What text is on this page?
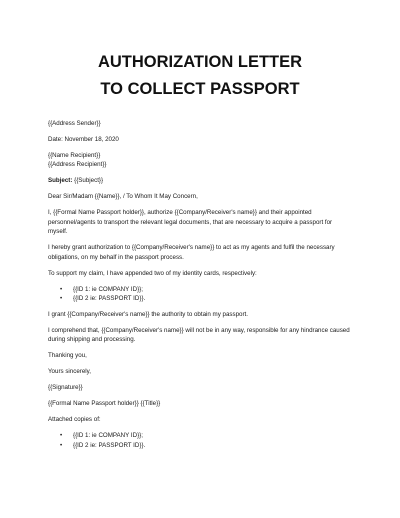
AUTHORIZATION LETTER
TO COLLECT PASSPORT

{{Address Sender}}

Date: November 18, 2020

{{Name Recipient}}

{{Address Recipient}}

Subject: {{Subject}}

Dear Sir/Madam {{Name}}, / To Whom It May Concern,

I, {{Formal Name Passport holder}}, authorize {{Company/Receiver's name}} and their appointed personnel/agents to transport the relevant legal documents, that are necessary to acquire a passport for myself.

I hereby grant authorization to {{Company/Receiver's name}} to act as my agents and fulfil the necessary obligations, on my behalf in the passport process.

To support my claim, I have appended two of my identity cards, respectively:

• {{ID 1: ie COMPANY ID}};
• {{ID 2 ie: PASSPORT ID}}.

I grant {{Company/Receiver's name}} the authority to obtain my passport.

I comprehend that, {{Company/Receiver's name}} will not be in any way, responsible for any hindrance caused during shipping and processing.

Thanking you,

Yours sincerely,

{{Signature}}

{{Formal Name Passport holder}} {{Title}}

Attached copies of:

• {{ID 1: ie COMPANY ID}};
• {{ID 2 ie: PASSPORT ID}}.
